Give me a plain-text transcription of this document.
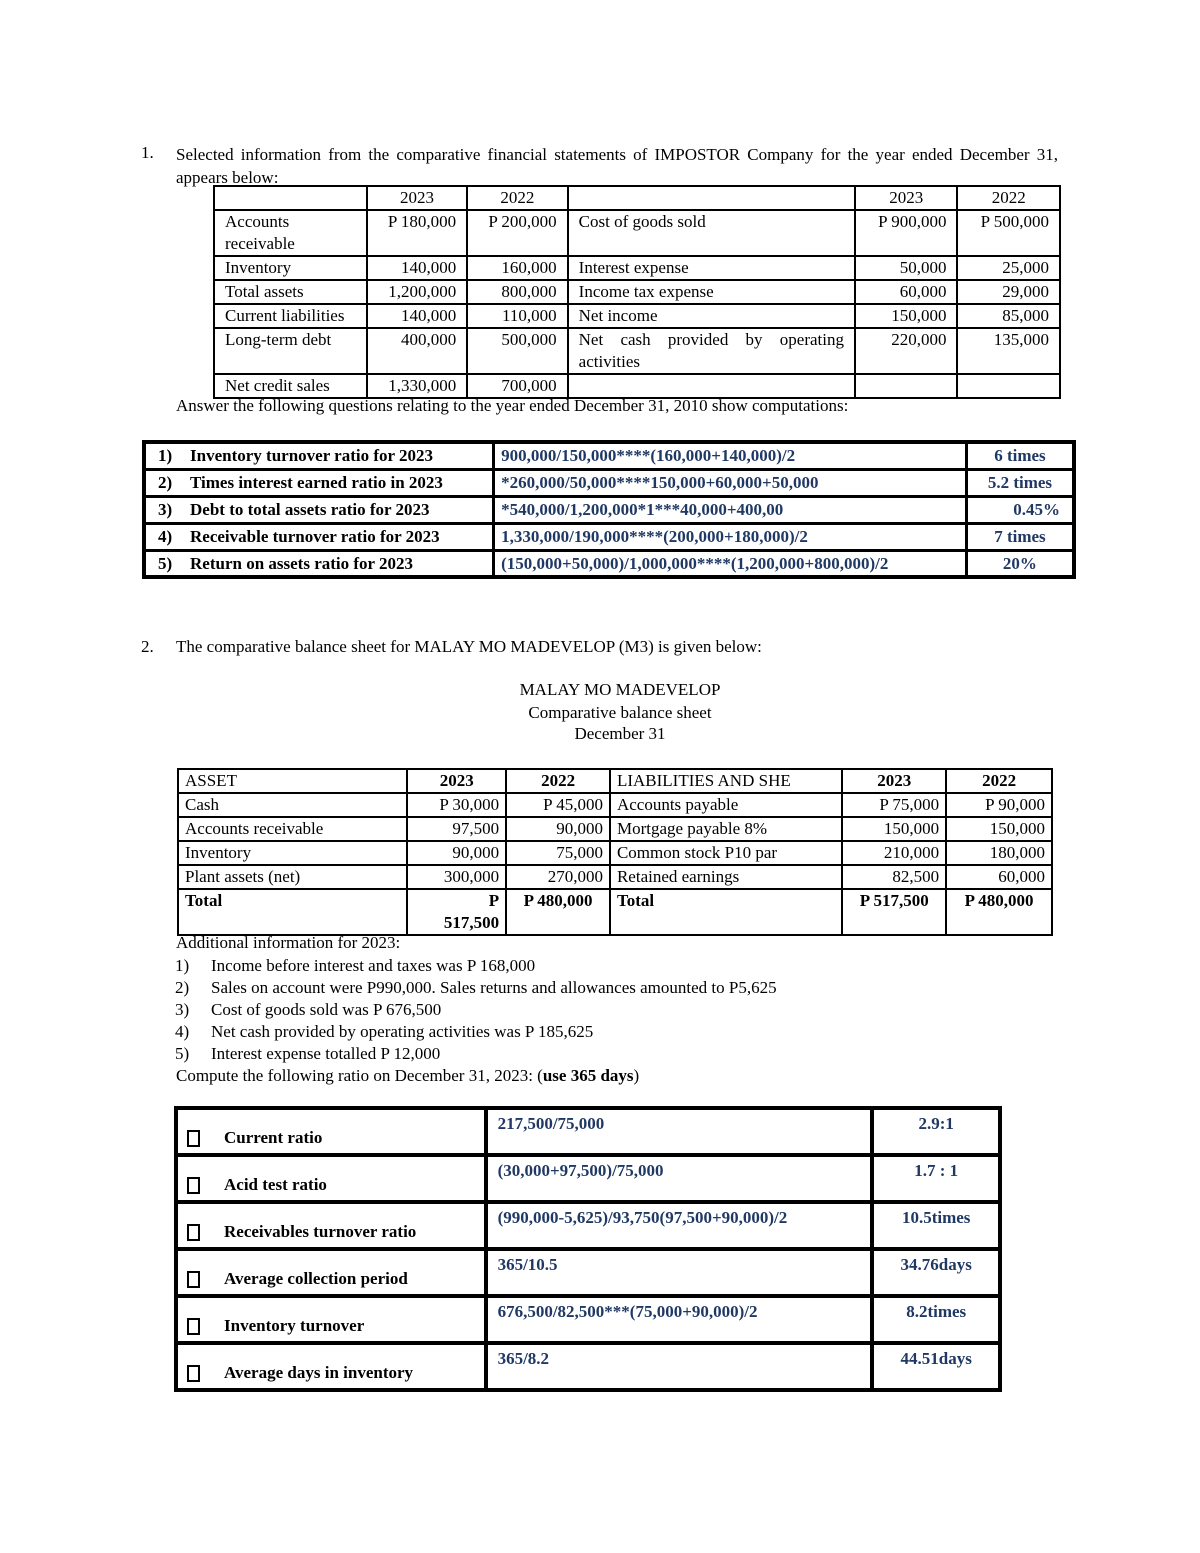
1. Selected information from the comparative financial statements of IMPOSTOR Company for the year ended December 31, appears below:
	2023	2022		2023	2022
Accounts receivable	P 180,000	P 200,000	Cost of goods sold	P 900,000	P 500,000
Inventory	140,000	160,000	Interest expense	50,000	25,000
Total assets	1,200,000	800,000	Income tax expense	60,000	29,000
Current liabilities	140,000	110,000	Net income	150,000	85,000
Long-term debt	400,000	500,000	Net cash provided by operating activities	220,000	135,000
Net credit sales	1,330,000	700,000			
Answer the following questions relating to the year ended December 31, 2010 show computations:
1) Inventory turnover ratio for 2023	900,000/150,000****(160,000+140,000)/2	6 times
2) Times interest earned ratio in 2023	*260,000/50,000****150,000+60,000+50,000	5.2 times
3) Debt to total assets ratio for 2023	*540,000/1,200,000*1***40,000+400,00	0.45%
4) Receivable turnover ratio for 2023	1,330,000/190,000****(200,000+180,000)/2	7 times
5) Return on assets ratio for 2023	(150,000+50,000)/1,000,000****(1,200,000+800,000)/2	20%
2. The comparative balance sheet for MALAY MO MADEVELOP (M3) is given below:
MALAY MO MADEVELOP
Comparative balance sheet
December 31
ASSET	2023	2022	LIABILITIES AND SHE	2023	2022
Cash	P 30,000	P 45,000	Accounts payable	P 75,000	P 90,000
Accounts receivable	97,500	90,000	Mortgage payable 8%	150,000	150,000
Inventory	90,000	75,000	Common stock P10 par	210,000	180,000
Plant assets (net)	300,000	270,000	Retained earnings	82,500	60,000
Total	P 517,500	P 480,000	Total	P 517,500	P 480,000
Additional information for 2023:
1) Income before interest and taxes was P 168,000
2) Sales on account were P990,000. Sales returns and allowances amounted to P5,625
3) Cost of goods sold was P 676,500
4) Net cash provided by operating activities was P 185,625
5) Interest expense totalled P 12,000
Compute the following ratio on December 31, 2023: (use 365 days)
Current ratio	217,500/75,000	2.9:1

Acid test ratio	(30,000+97,500)/75,000	1.7 : 1

Receivables turnover ratio	(990,000-5,625)/93,750(97,500+90,000)/2	10.5times

Average collection period	365/10.5	34.76days

Inventory turnover	676,500/82,500***(75,000+90,000)/2	8.2times

Average days in inventory	365/8.2	44.51days
